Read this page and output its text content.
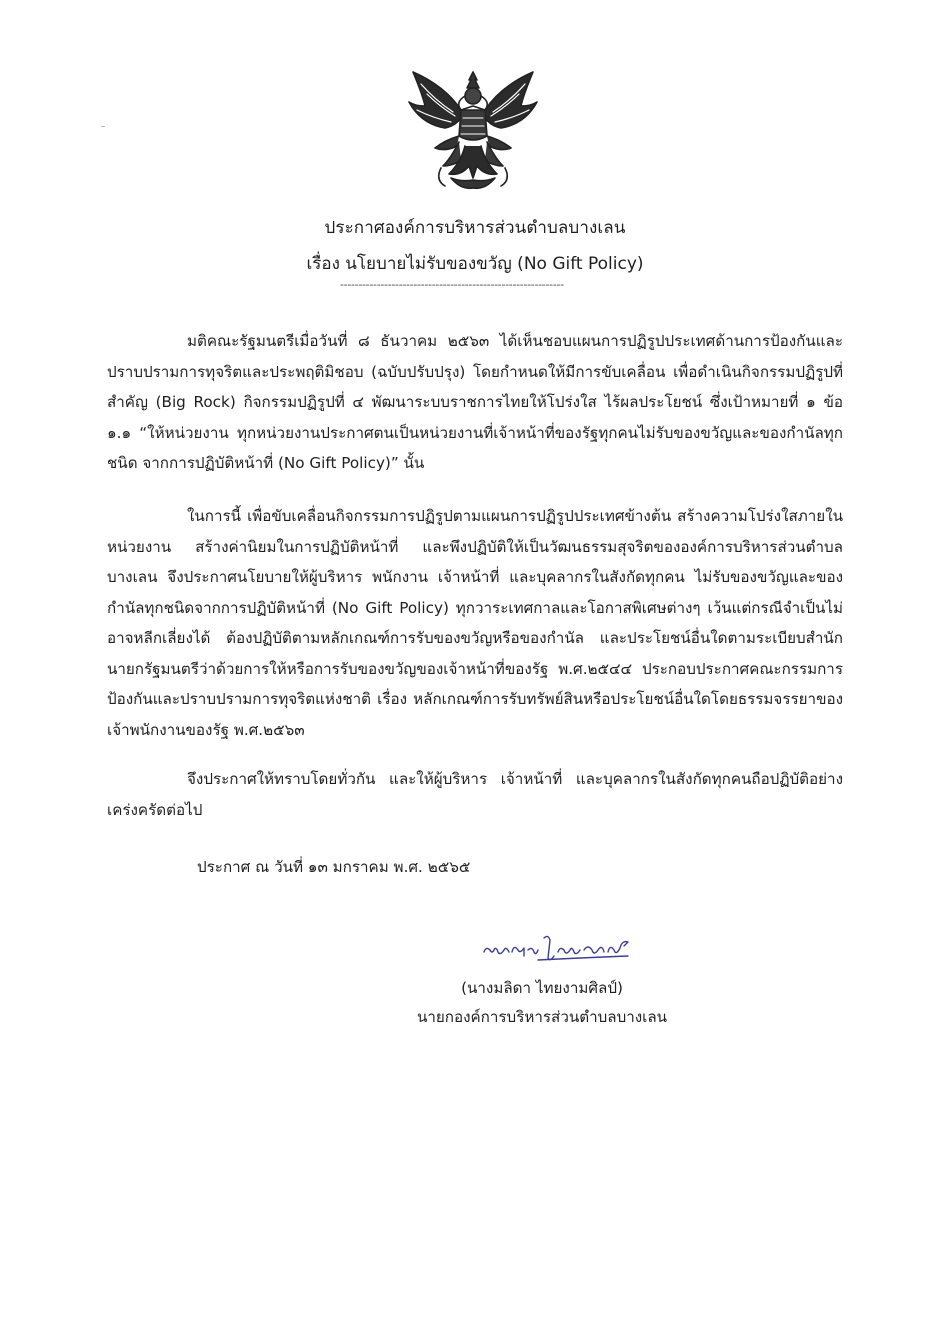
ประกาศองค์การบริหารส่วนตำบลบางเลน
เรื่อง นโยบายไม่รับของขวัญ (No Gift Policy)
-------------------------------------------------------------
มติคณะรัฐมนตรีเมื่อวันที่ ๘ ธันวาคม ๒๕๖๓ ได้เห็นชอบแผนการปฏิรูปประเทศด้านการป้องกันและปราบปรามการทุจริตและประพฤติมิชอบ (ฉบับปรับปรุง) โดยกำหนดให้มีการขับเคลื่อน เพื่อดำเนินกิจกรรมปฏิรูปที่สำคัญ (Big Rock) กิจกรรมปฏิรูปที่ ๔ พัฒนาระบบราชการไทยให้โปร่งใส ไร้ผลประโยชน์ ซึ่งเป้าหมายที่ ๑ ข้อ ๑.๑ “ให้หน่วยงาน ทุกหน่วยงานประกาศตนเป็นหน่วยงานที่เจ้าหน้าที่ของรัฐทุกคนไม่รับของขวัญและของกำนัลทุกชนิด จากการปฏิบัติหน้าที่ (No Gift Policy)” นั้น
ในการนี้ เพื่อขับเคลื่อนกิจกรรมการปฏิรูปตามแผนการปฏิรูปประเทศข้างต้น สร้างความโปร่งใสภายในหน่วยงาน สร้างค่านิยมในการปฏิบัติหน้าที่ และพึงปฏิบัติให้เป็นวัฒนธรรมสุจริตขององค์การบริหารส่วนตำบลบางเลน จึงประกาศนโยบายให้ผู้บริหาร พนักงาน เจ้าหน้าที่ และบุคลากรในสังกัดทุกคน ไม่รับของขวัญและของกำนัลทุกชนิดจากการปฏิบัติหน้าที่ (No Gift Policy) ทุกวาระเทศกาลและโอกาสพิเศษต่างๆ เว้นแต่กรณีจำเป็นไม่อาจหลีกเลี่ยงได้ ต้องปฏิบัติตามหลักเกณฑ์การรับของขวัญหรือของกำนัล และประโยชน์อื่นใดตามระเบียบสำนักนายกรัฐมนตรีว่าด้วยการให้หรือการรับของขวัญของเจ้าหน้าที่ของรัฐ พ.ศ.๒๕๔๔ ประกอบประกาศคณะกรรมการป้องกันและปราบปรามการทุจริตแห่งชาติ เรื่อง หลักเกณฑ์การรับทรัพย์สินหรือประโยชน์อื่นใดโดยธรรมจรรยาของเจ้าพนักงานของรัฐ พ.ศ.๒๕๖๓
จึงประกาศให้ทราบโดยทั่วกัน และให้ผู้บริหาร เจ้าหน้าที่ และบุคลากรในสังกัดทุกคนถือปฏิบัติอย่างเคร่งครัดต่อไป
ประกาศ ณ วันที่ ๑๓ มกราคม พ.ศ. ๒๕๖๕
(นางมลิดา ไทยงามศิลป์)
นายกองค์การบริหารส่วนตำบลบางเลน
